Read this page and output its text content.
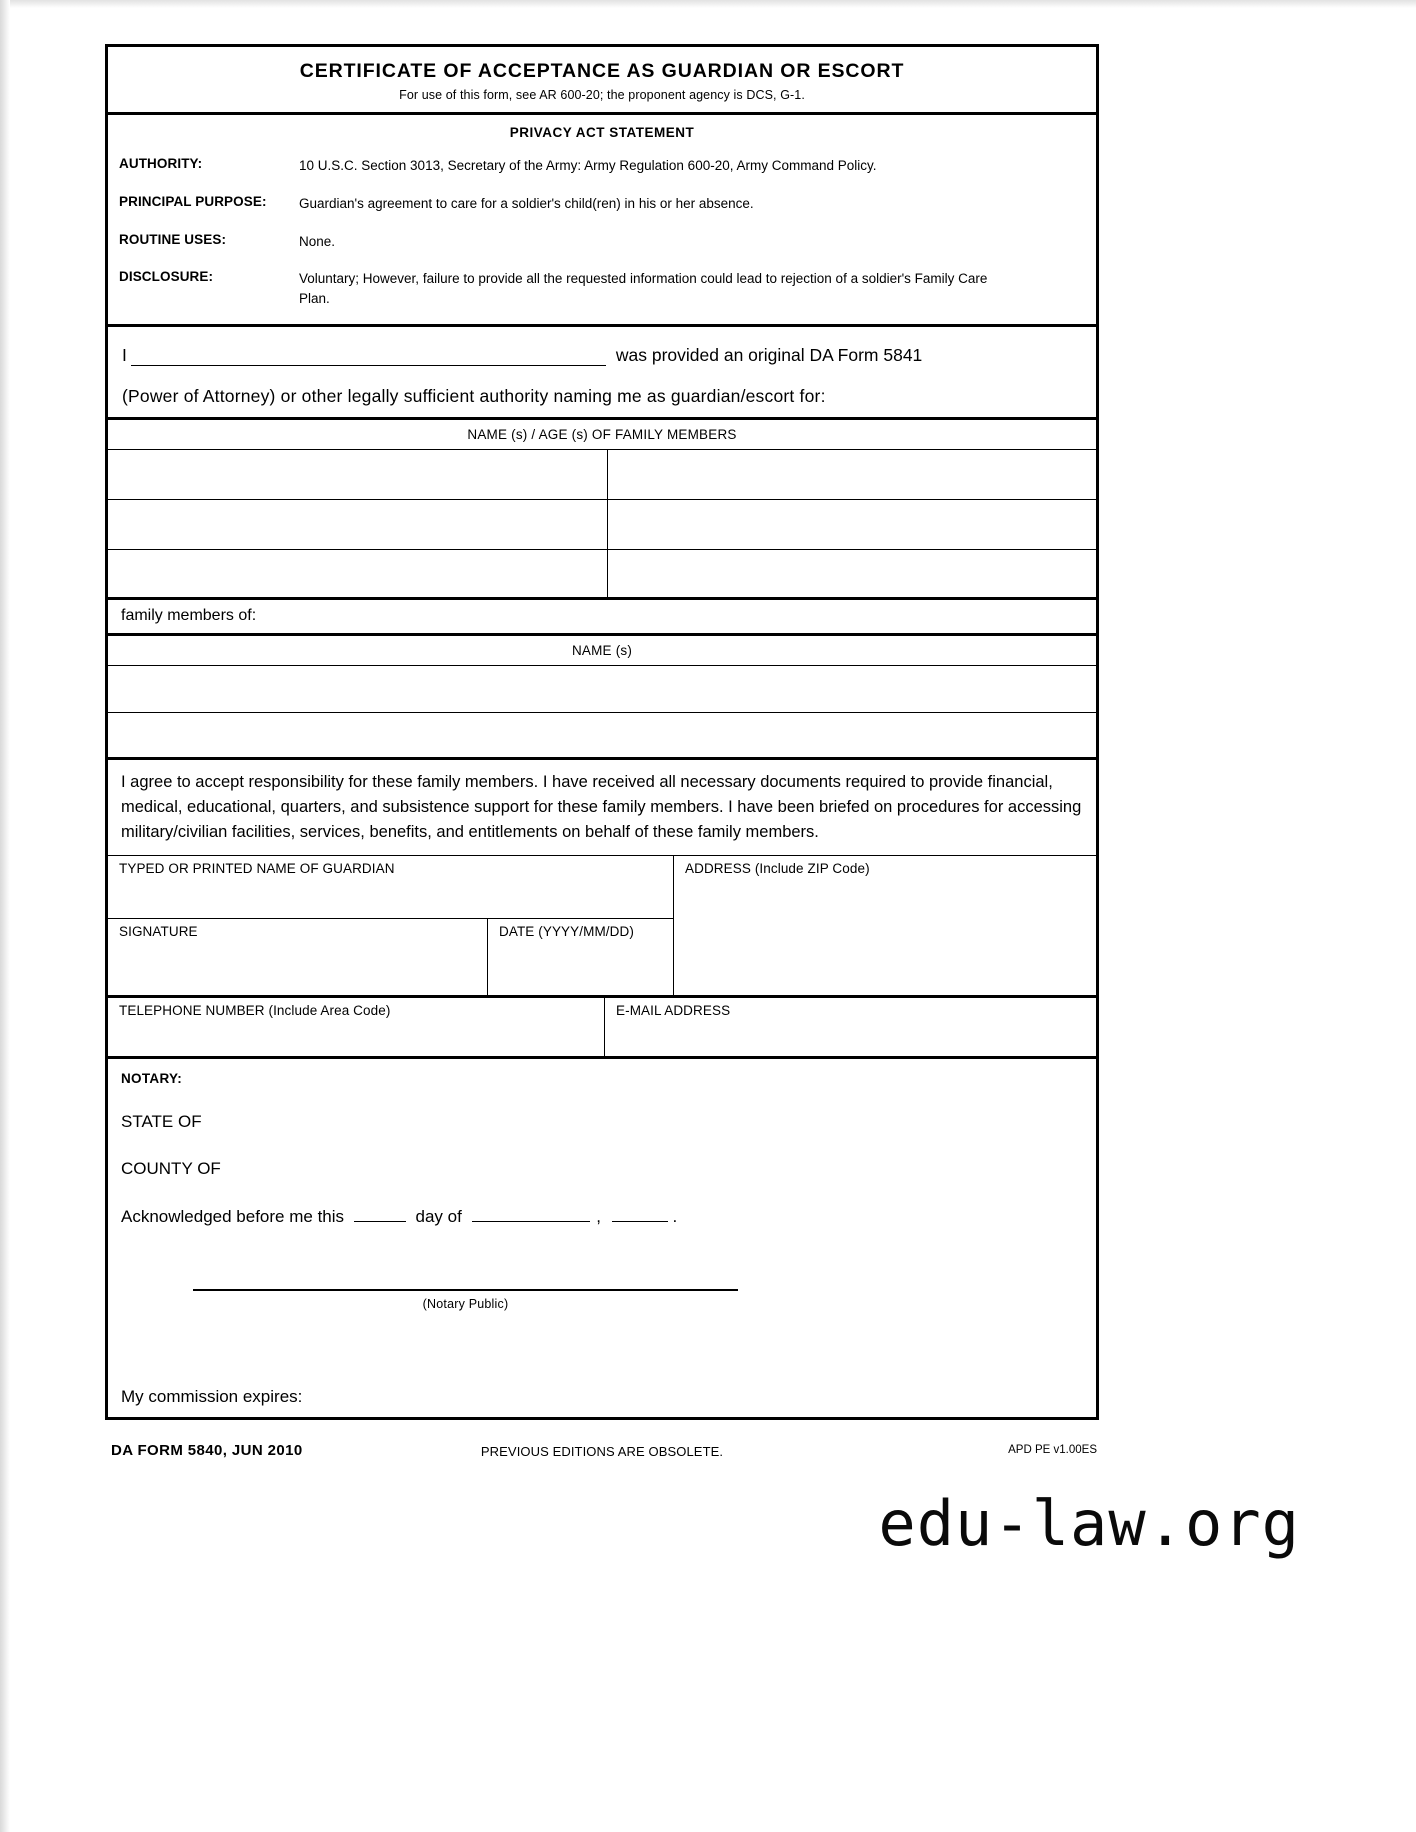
CERTIFICATE OF ACCEPTANCE AS GUARDIAN OR ESCORT
For use of this form, see AR 600-20; the proponent agency is DCS, G-1.
PRIVACY ACT STATEMENT
AUTHORITY:	10 U.S.C. Section 3013, Secretary of the Army: Army Regulation 600-20, Army Command Policy.
PRINCIPAL PURPOSE:	Guardian's agreement to care for a soldier's child(ren) in his or her absence.
ROUTINE USES:	None.
DISCLOSURE:	Voluntary; However, failure to provide all the requested information could lead to rejection of a soldier's Family Care Plan.
I	was provided an original DA Form 5841
(Power of Attorney) or other legally sufficient authority naming me as guardian/escort for:
NAME (s) / AGE (s) OF FAMILY MEMBERS
family members of:
NAME (s)
I agree to accept responsibility for these family members. I have received all necessary documents required to provide financial, medical, educational, quarters, and subsistence support for these family members. I have been briefed on procedures for accessing military/civilian facilities, services, benefits, and entitlements on behalf of these family members.
TYPED OR PRINTED NAME OF GUARDIAN
SIGNATURE	DATE (YYYY/MM/DD)
ADDRESS (Include ZIP Code)
TELEPHONE NUMBER (Include Area Code)	E-MAIL ADDRESS
NOTARY:
STATE OF
COUNTY OF
Acknowledged before me this	day of	,	.
(Notary Public)
My commission expires:
DA FORM 5840, JUN 2010	PREVIOUS EDITIONS ARE OBSOLETE.	APD PE v1.00ES
edu-law.org
